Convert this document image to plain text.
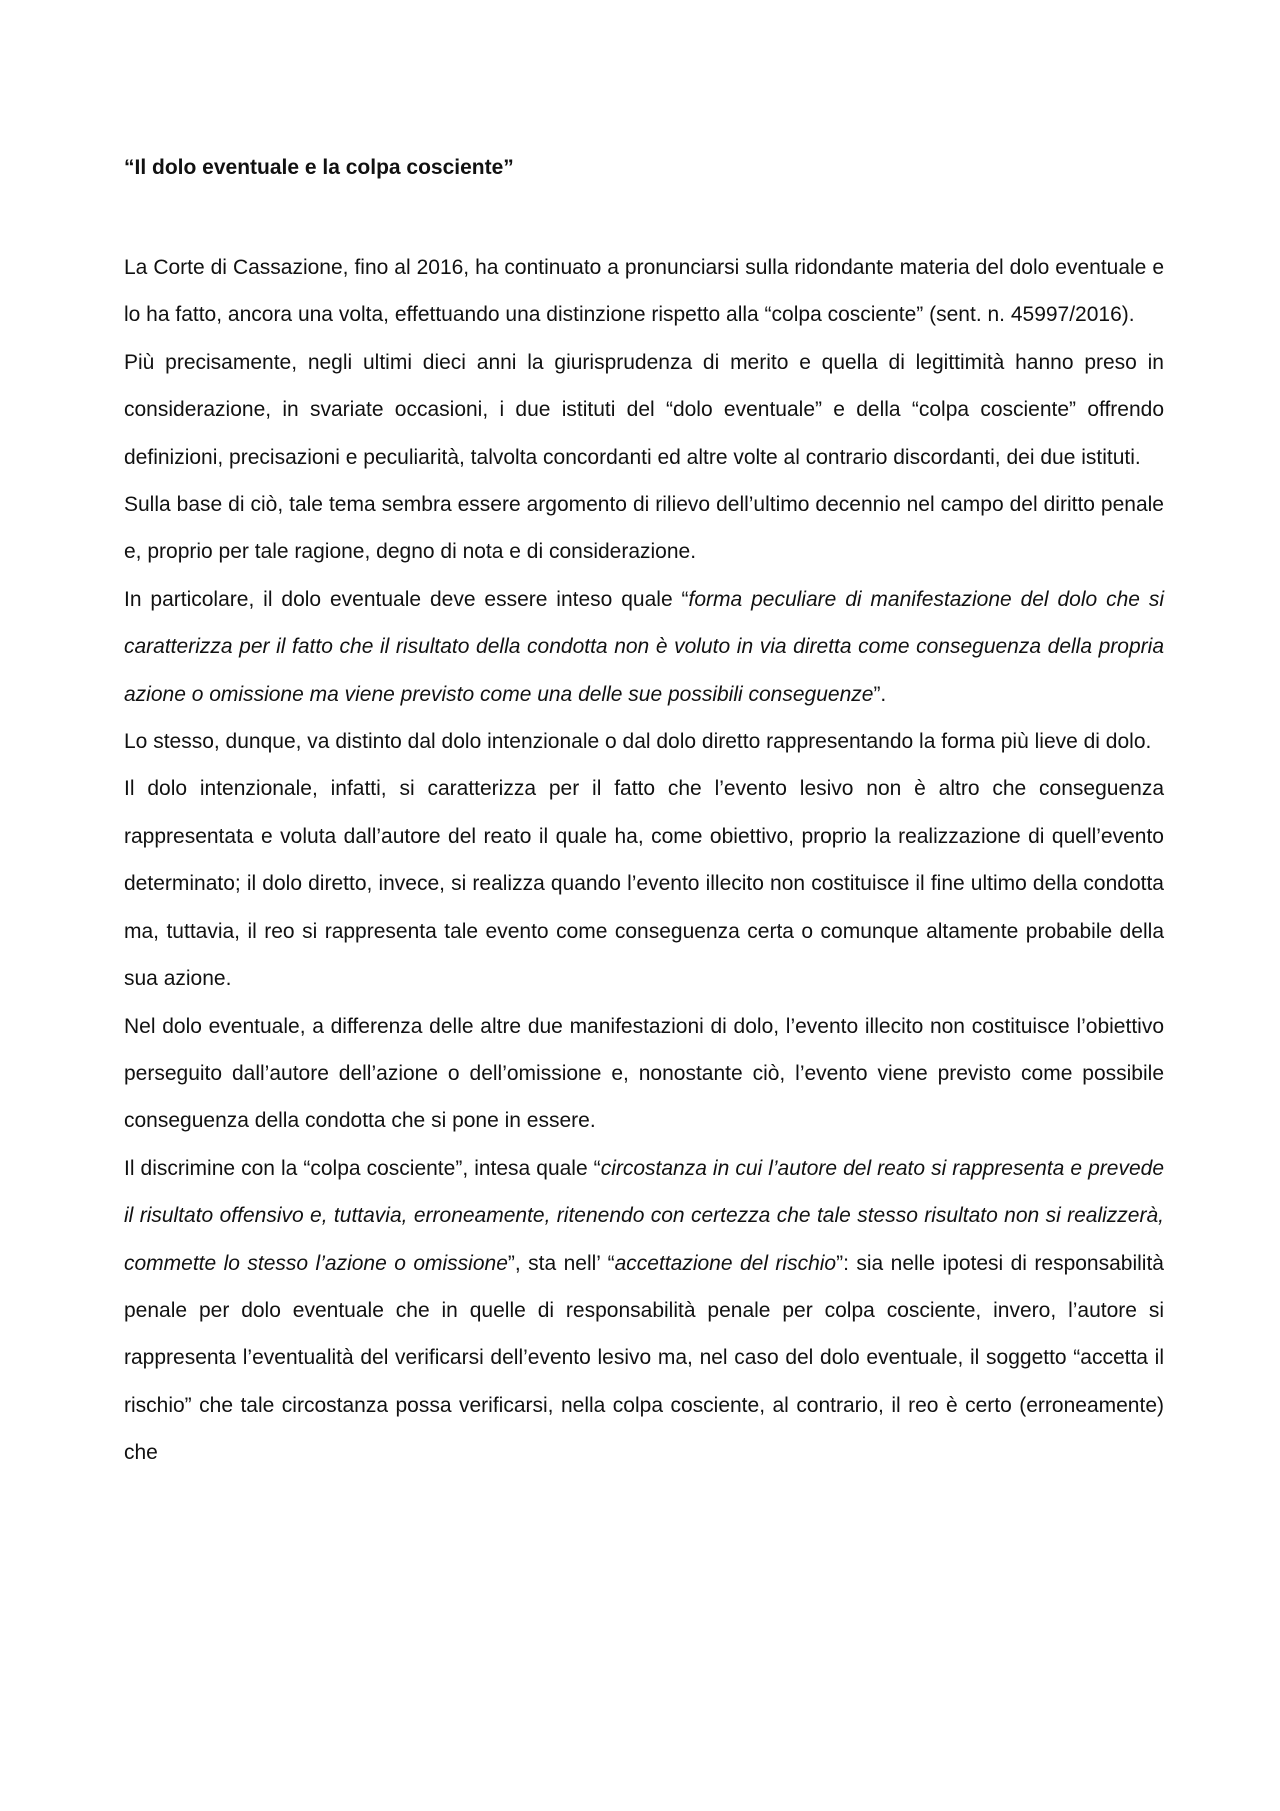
“Il dolo eventuale e la colpa cosciente”

La Corte di Cassazione, fino al 2016, ha continuato a pronunciarsi sulla ridondante materia del dolo eventuale e lo ha fatto, ancora una volta, effettuando una distinzione rispetto alla “colpa cosciente” (sent. n. 45997/2016).

Più precisamente, negli ultimi dieci anni la giurisprudenza di merito e quella di legittimità hanno preso in considerazione, in svariate occasioni, i due istituti del “dolo eventuale” e della “colpa cosciente” offrendo definizioni, precisazioni e peculiarità, talvolta concordanti ed altre volte al contrario discordanti, dei due istituti.

Sulla base di ciò, tale tema sembra essere argomento di rilievo dell’ultimo decennio nel campo del diritto penale e, proprio per tale ragione, degno di nota e di considerazione.

In particolare, il dolo eventuale deve essere inteso quale “forma peculiare di manifestazione del dolo che si caratterizza per il fatto che il risultato della condotta non è voluto in via diretta come conseguenza della propria azione o omissione ma viene previsto come una delle sue possibili conseguenze”.

Lo stesso, dunque, va distinto dal dolo intenzionale o dal dolo diretto rappresentando la forma più lieve di dolo.

Il dolo intenzionale, infatti, si caratterizza per il fatto che l’evento lesivo non è altro che conseguenza rappresentata e voluta dall’autore del reato il quale ha, come obiettivo, proprio la realizzazione di quell’evento determinato; il dolo diretto, invece, si realizza quando l’evento illecito non costituisce il fine ultimo della condotta ma, tuttavia, il reo si rappresenta tale evento come conseguenza certa o comunque altamente probabile della sua azione.

Nel dolo eventuale, a differenza delle altre due manifestazioni di dolo, l’evento illecito non costituisce l’obiettivo perseguito dall’autore dell’azione o dell’omissione e, nonostante ciò, l’evento viene previsto come possibile conseguenza della condotta che si pone in essere.

Il discrimine con la “colpa cosciente”, intesa quale “circostanza in cui l’autore del reato si rappresenta e prevede il risultato offensivo e, tuttavia, erroneamente, ritenendo con certezza che tale stesso risultato non si realizzerà, commette lo stesso l’azione o omissione”, sta nell’ “accettazione del rischio”: sia nelle ipotesi di responsabilità penale per dolo eventuale che in quelle di responsabilità penale per colpa cosciente, invero, l’autore si rappresenta l’eventualità del verificarsi dell’evento lesivo ma, nel caso del dolo eventuale, il soggetto “accetta il rischio” che tale circostanza possa verificarsi, nella colpa cosciente, al contrario, il reo è certo (erroneamente) che
